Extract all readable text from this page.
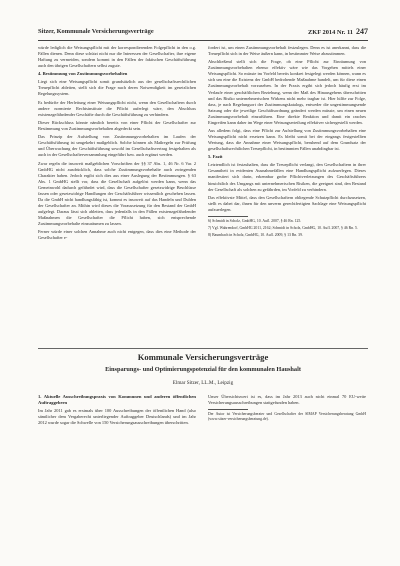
Sitzer, Kommunale Versicherungsverträge	ZKF 2014 Nr. 11 247

würde lediglich die Weisungspflicht mit der korrespondierenden Folgepflicht in den o.g. Fällen dienen. Denn diese schützt nicht nur die Interessen der Gesellschafter, ihre eigene Haftung zu vermeiden, sondern kommt in den Fällen der faktischen Geschäftsführung auch den übrigen Gesellschaftern selbst zugute.

4. Bestimmung von Zustimmungsvorbehalten

Liegt sich eine Weisungspflicht somit grundsätzlich aus der gesellschaftsrechtlichen Treuepflicht ableiten, stellt sich die Frage nach deren Notwendigkeit im gesetzlichen Regelungssystem.

Es bedürfte der Herleitung einer Weisungspflicht nicht, wenn den Gesellschaftern durch andere normierte Rechtsinstitute die Pflicht auferlegt wäre, den Abschluss existenzgefährdender Geschäfte durch die Geschäftsführung zu verhindern.

Dieser Rückschluss könnte nämlich bereits von einer Pflicht der Gesellschafter zur Bestimmung von Zustimmungsvorbehalten abgedeckt sein.

Das Prinzip der Aufstellung von Zustimmungsvorbehalten im Laufen der Geschäftsführung ist umgekehrt maßgeblich. Solche können als Maßregeln zur Prüfung und Überwachung der Geschäftsführung sowohl im Gesellschaftsvertrag festgehalten als auch in der Gesellschafterversammlung eingeführt bzw. auch ergänzt werden.

Zwar regeln die insoweit maßgeblichen Vorschriften der §§ 37 Abs. 1, 46 Nr. 6 Var. 2 GmbHG nicht ausdrücklich, dass solche Zustimmungsvorbehalte auch zwingenden Charakter haben. Jedoch ergibt sich dies aus einer Auslegung der Bestimmungen. § 63 Abs. 1 GmbHG stellt vor, dass die Gesellschaft aufgelöst werden kann, wenn das Gemeinwohl dadurch gefährdet wird, dass die Gesellschafter gesetzwidrige Beschlüsse fassen oder gesetzwidrige Handlungen der Geschäftsführer wissentlich geschehen lassen. Da die GmbH nicht handlungsfähig ist, kommt es insoweit auf das Handeln und Dulden der Gesellschafter an. Mithin wird dieses die Voraussetzung für den Bestand der GmbH aufgelegt. Daraus lässt sich ableiten, dass jedenfalls in den Fällen existenzgefährdender Maßnahmen die Gesellschafter die Pflicht haben, sich entsprechende Zustimmungsvorbehalte einzuräumen zu lassen.

Ferner würde einer solchen Annahme auch nicht entgegen, dass dies eine Methode der Gesellschafter e-

fordert ist, um einen Zustimmungsvorbehalt festzulegen. Denn es ist anerkannt, dass die Treuepflicht sich in der Weise äußern kann, in bestimmter Weise abzustimmen.

Abschließend stellt sich die Frage, ob eine Pflicht zur Einräumung von Zustimmungsvorbehalten ebenso effektiv wäre wie das Vorgehen mittels einer Weisungspflicht. So müsste im Vorfeld bereits konkret festgelegt werden können, wann es sich um eine die Existenz der GmbH bedrohende Maßnahme handelt, um für diese einen Zustimmungsvorbehalt vorzusehen. In der Praxis ergibt sich jedoch häufig erst im Verlaufe einer geschäftlichen Beziehung, wenn der Maß des Hinausgehens überschritten und das Risiko unternehmerischen Wirkens nicht mehr tragbar ist. Hier hilfte zur Folge, dass, je nach Regelungsort der Zustimmungskatalogs, entweder die ungestimmungsende Satzung oder die jeweilige Geschäftsordnung geändert werden müsste, um einen neuen Zustimmungsvorbehalt einzuführen. Eine direkte Reaktion und damit ein rasches Eingreifen kann daher im Wege einer Weisungserteilung effektiver sichergestellt werden.

Aus alledem folgt, dass eine Pflicht zur Aufstellung von Zustimmungsvorbehalten eine Weisungspflicht nicht ersetzen kann. Es bleibt somit bei der eingangs festgestellten Wertung, dass die Annahme einer Weisungspflicht, beruhend auf dem Grundsatz der gesellschaftsrechtlichen Treuepflicht, in bestimmten Fällen unabdingbar ist.

5. Fazit

Letztendlich ist festzuhalten, dass die Treuepflicht verlangt, den Gesellschaftern in ihrer Gesamtheit in evidenten Ausnahmefällen eine Handlungspflicht aufzuerlegen. Dieses manifestiert sich darin, erkennbar grobe Pflichtverletzungen des Geschäftsführers hinsichtlich des Umgangs mit unternehmerischen Risiken, die geeignet sind, den Bestand der Gesellschaft als solchen zu gefährden, im Vorfeld zu verhindern.

Das effektivste Mittel, dass den Gesellschaftern obliegende Schutzpflicht durchzusetzen, stellt es dabei dar, ihnen für den unverm gerechtfertigten Sachlage eine Weisungspflicht aufzuerlegen.

6) Schmidt in Scholz, GmbHG, 10. Aufl. 2007, § 46 Rn. 125.

7) Vgl. Wahrendorf, GmbHG 2011, 2162; Schmidt in Scholz, GmbHG, 10. Aufl. 2007, § 46 Rn. 5.

8) Baumbach in Scholz, GmbHG, 10. Aufl. 2009, § 13 Rn. 39.

Kommunale Versicherungsverträge
Einsparungs- und Optimierungspotenzial für den kommunalen Haushalt
Elmar Sitzer, LL.M., Leipzig
1. Aktuelle Ausschreibungspraxis von Kommunen und anderen öffentlichen Auftraggebern

Im Jahr 2011 gab es erstmals über 100 Ausschreibungen der öffentlichen Hand (also sämtlicher dem Vergaberecht unterliegender Auftraggeber Deutschlands) und im Jahr 2012 wurde sogar die Schwelle von 150 Versicherungsausschreibungen überschritten.

Unser Übersichtswert ist es, dass im Jahr 2013 auch nicht einmal 70 EU-weite Versicherungsausschreibungen stattgefunden haben.

Der Autor ist Versicherungsberater und Gesellschafter der SIMAP Versicherungsberatung GmbH (www.sitzer-versicherungsberatung.de).
